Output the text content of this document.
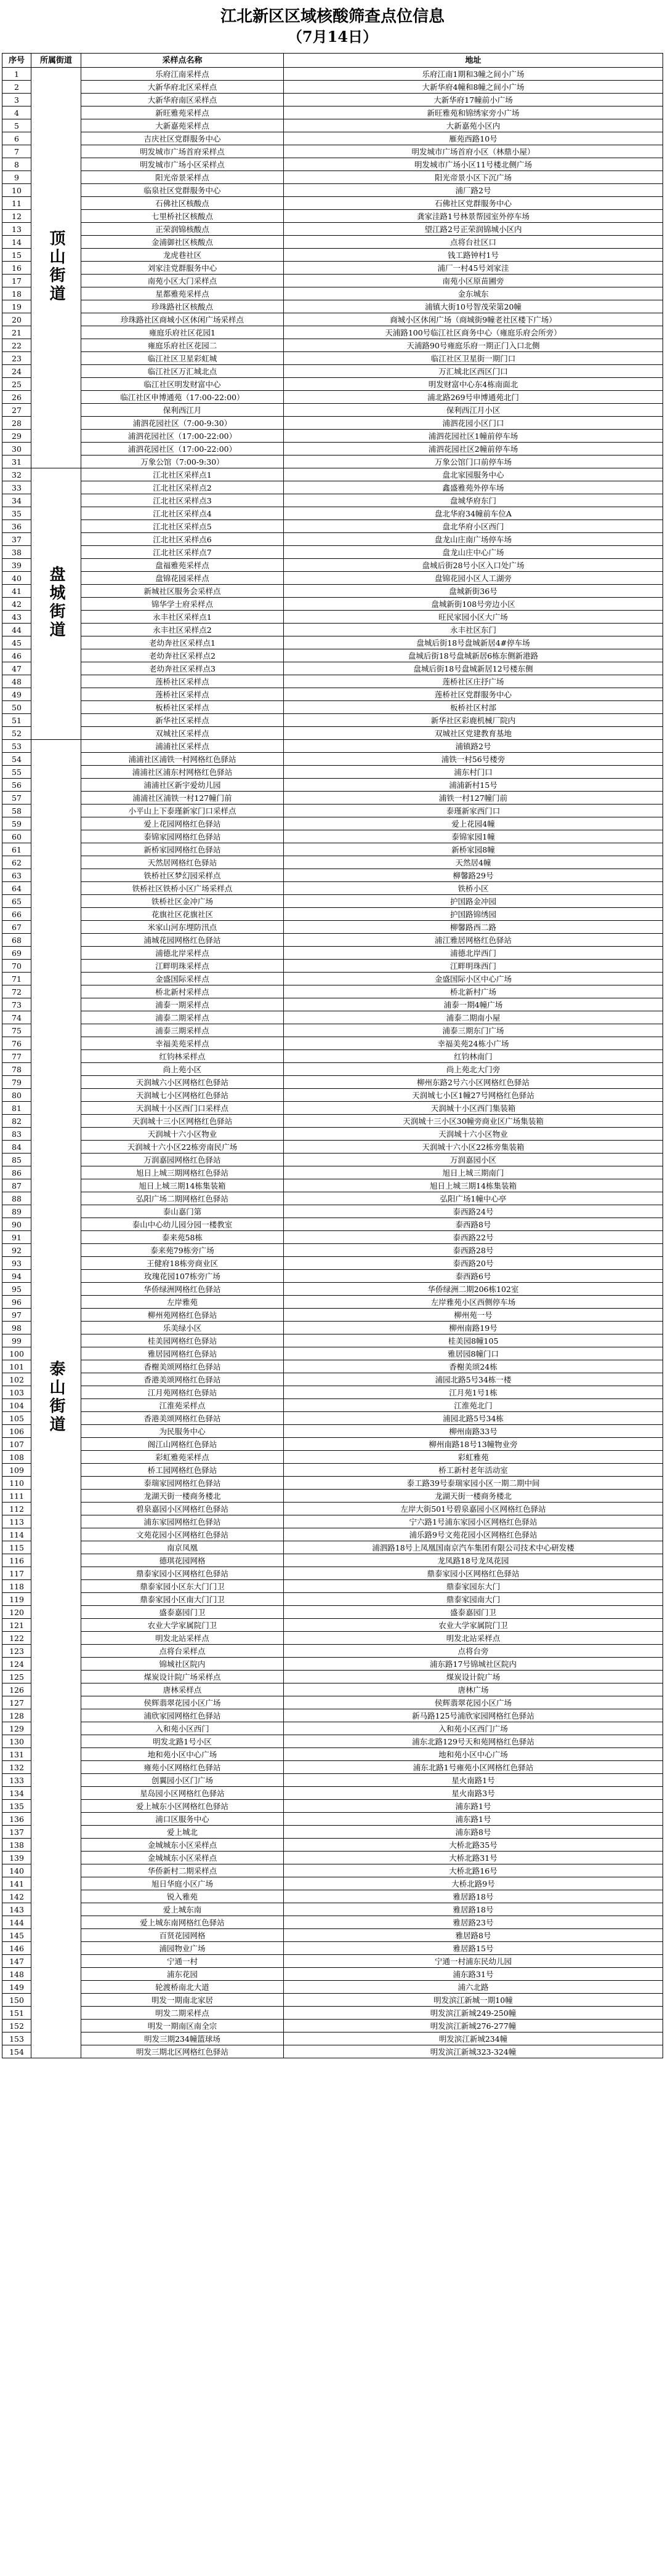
江北新区区域核酸筛查点位信息
（7月14日）
序号	所属街道	采样点名称	地址
1	顶山街道	乐府江南采样点	乐府江南1期和3幢之间小广场
2		大新华府北区采样点	大新华府4幢和8幢之间小广场
3		大新华府南区采样点	大新华府17幢前小广场
4		新旺雅苑采样点	新旺雅苑和锦绣家旁小广场
5		大新嘉苑采样点	大新嘉苑小区内
6		吉庆社区党群服务中心	雁苑西路10号
7		明发城市广场首府采样点	明发城市广场首府小区（林鼎小屋）
8		明发城市广场小区采样点	明发城市广场小区11号楼北侧广场
9		阳光帝景采样点	阳光帝景小区下沉广场
10		临泉社区党群服务中心	浦厂路2号
11		石佛社区核酸点	石佛社区党群服务中心
12		七里桥社区核酸点	龚家洼路1号林景帮园室外停车场
13		正荣润锦核酸点	望江路2号正荣润锦城小区内
14		金浦御社区核酸点	点将台社区口
15		龙虎巷社区	钱工路钟村1号
16		刘家洼党群服务中心	浦厂一村45号刘家洼
17		南苑小区大门采样点	南苑小区原苗圃旁
18		星都雅苑采样点	金东城东
19		珍珠路社区核酸点	浦镇大街10号智茂荣第20幢
20		珍珠路社区商城小区休闲广场采样点	商城小区休闲广场（商城街9幢老社区楼下广场）
21		雍庭乐府社区花园1	天浦路100号临江社区商务中心（雍庭乐府会所旁）
22		雍庭乐府社区花园二	天浦路90号雍庭乐府一期正门入口北侧
23		临江社区卫星彩虹城	临江社区卫星街一期门口
24		临江社区万汇城北点	万汇城北区西区门口
25		临江社区明发财富中心	明发财富中心东4栋南面北
26		临江社区申博通苑（17:00-22:00）	浦北路269号申博通苑北门
27		保利西江月	保利西江月小区
28		浦泗花园社区（7:00-9:30）	浦泗花园小区门口
29		浦泗花园社区（17:00-22:00）	浦泗花园社区1幢前停车场
30		浦泗花园社区（17:00-22:00）	浦泗花园社区2幢前停车场
31		万象公馆（7:00-9:30）	万象公馆门口前停车场
32	盘城街道	江北社区采样点1	盘北家园服务中心
33		江北社区采样点2	鑫盛雅苑外停车场
34		江北社区采样点3	盘城华府东门
35		江北社区采样点4	盘北华府34幢前车位A
36		江北社区采样点5	盘北华府小区西门
37		江北社区采样点6	盘龙山庄南广场停车场
38		江北社区采样点7	盘龙山庄中心广场
39		盘福雅苑采样点	盘城后街28号小区入口处广场
40		盘锦花园采样点	盘锦花园小区人工湖旁
41		新城社区服务会采样点	盘城新街36号
42		锦华学士府采样点	盘城新街108号旁边小区
43		永丰社区采样点1	旺民家园小区大广场
44		永丰社区采样点2	永丰社区东门
45		老幼奔社区采样点1	盘城后街18号盘城新居4#停车场
46		老幼奔社区采样点2	盘城后街18号盘城新居6栋东侧新港路
47		老幼奔社区采样点3	盘城后街18号盘城新居12号楼东侧
48		莲桥社区采样点	莲桥社区庄抒广场
49		莲桥社区采样点	莲桥社区党群服务中心
50		板桥社区采样点	板桥社区村部
51		新华社区采样点	新华社区彩鹿机械厂院内
52		双城社区采样点	双城社区党建教育基地
53	泰山街道	浦浦社区采样点	浦镇路2号
54		浦浦社区浦铁一村网格红色驿站	浦铁一村56号楼旁
55		浦浦社区浦东村网格红色驿站	浦东村门口
56		浦浦社区新宇爱幼儿园	浦浦新村15号
57		浦浦社区浦铁一村127幢门前	浦铁一村127幢门前
58		小平山上下泰瑾新家门口采样点	泰瑾新家西门口
59		爱上花园网格红色驿站	爱上花园4幢
60		泰锦家园网格红色驿站	泰锦家园1幢
61		新桥家园网格红色驿站	新桥家园8幢
62		天然居网格红色驿站	天然居4幢
63		铁桥社区梦幻园采样点	柳馨路29号
64		铁桥社区铁桥小区广场采样点	铁桥小区
65		铁桥社区金冲广场	护国路金冲园
66		花旗社区花旗社区	护国路锦绣园
67		米家山河东埋防汛点	柳馨路西二路
68		浦城花园网格红色驿站	浦江雅居网格红色驿站
69		浦德北岸采样点	浦德北岸西门
70		江畔明珠采样点	江畔明珠西门
71		金盛国际采样点	金盛国际小区中心广场
72		桥北新村采样点	桥北新村广场
73		浦泰一期采样点	浦泰一期4幢广场
74		浦泰二期采样点	浦泰二期南小屋
75		浦泰三期采样点	浦泰三期东门广场
76		幸福美苑采样点	幸福美苑24栋小广场
77		红钧林采样点	红钧林南门
78		尚上苑小区	尚上苑北大门旁
79		天润城六小区网格红色驿站	柳州东路2号六小区网格红色驿站
80		天润城七小区网格红色驿站	天润城七小区1幢27号网格红色驿站
81		天润城十小区西门口采样点	天润城十小区西门集装箱
82		天润城十三小区网格红色驿站	天润城十三小区30幢旁商业区广场集装箱
83		天润城十六小区物业	天润城十六小区物业
84		天润城十六小区22栋旁南民广场	天润城十六小区22栋旁集装箱
85		万润嘉园网格红色驿站	万润嘉园小区
86		旭日上城三期网格红色驿站	旭日上城三期南门
87		旭日上城三期14栋集装箱	旭日上城三期14栋集装箱
88		弘阳广场二期网格红色驿站	弘阳广场1幢中心亭
89		泰山嘉门第	泰西路24号
90		泰山中心幼儿园分园一楼教室	泰西路8号
91		泰来苑58栋	泰西路22号
92		泰来苑79栋旁广场	泰西路28号
93		王健府18栋旁商业区	泰西路20号
94		玫瑰花园107栋旁广场	泰西路6号
95		华侨绿洲网格红色驿站	华侨绿洲二期206栋102室
96		左岸雅苑	左岸雅苑小区西侧停车场
97		柳州苑网格红色驿站	柳州苑一号
98		乐美绿小区	柳州南路19号
99		桂美园网格红色驿站	桂美园8幢105
100		雅居园网格红色驿站	雅居园8幢门口
101		香榭美颂网格红色驿站	香榭美颂24栋
102		香港美颂网格红色驿站	浦园北路5号34栋一楼
103		江月苑网格红色驿站	江月苑1号1栋
104		江淮苑采样点	江淮苑北门
105		香港美颂网格红色驿站	浦园北路5号34栋
106		为民服务中心	柳州南路33号
107		阁江山网格红色驿站	柳州南路18号13幢物业旁
108		彩虹雅苑采样点	彩虹雅苑
109		桥工园网格红色驿站	桥工新村老年活动室
110		泰瑞家园网格红色驿站	泰工路39号泰瑞家园小区一期二期中间
111		龙湖天街一楼商务楼北	龙湖天街一楼商务楼北
112		碧泉嘉园小区网格红色驿站	左岸大街501号碧泉嘉园小区网格红色驿站
113		浦东家园网格红色驿站	宁六路1号浦东家园小区网格红色驿站
114		文苑花园小区网格红色驿站	浦乐路9号文苑花园小区网格红色驿站
115		南京凤凰	浦泗路18号上凤凰国南京汽车集团有限公司技术中心研发楼
116		德琪花园网格	龙凤路18号龙凤花园
117		鼎泰家园小区网格红色驿站	鼎泰家园小区网格红色驿站
118		鼎泰家园小区东大门门卫	鼎泰家园东大门
119		鼎泰家园小区南大门门卫	鼎泰家园南大门
120		盛泰嘉园门卫	盛泰嘉园门卫
121		农业大学家属院门卫	农业大学家属院门卫
122		明发北站采样点	明发北站采样点
123		点将台采样点	点将台旁
124		锦城社区院内	浦东路17号锦城社区院内
125		煤炭设计院广场采样点	煤炭设计院广场
126		唐林采样点	唐林广场
127		侯辉翡翠花园小区广场	侯辉翡翠花园小区广场
128		浦欣家园网格红色驿站	新马路125号浦欣家园网格红色驿站
129		入和苑小区西门	入和苑小区西门广场
130		明发北路1号小区	浦东北路129号天和苑网格红色驿站
131		地和苑小区中心广场	地和苑小区中心广场
132		雍苑小区网格红色驿站	浦东北路1号雍苑小区网格红色驿站
133		创翼园小区门广场	星火南路1号
134		星岛园小区网格红色驿站	星火南路3号
135		爱上城东小区网格红色驿站	浦东路1号
136		浦口区服务中心	浦东路1号
137		爱上城北	浦东路8号
138		金城城东小区采样点	大桥北路35号
139		金城城东小区采样点	大桥北路31号
140		华侨新村二期采样点	大桥北路16号
141		旭日华庭小区广场	大桥北路9号
142		锐入雅苑	雅居路18号
143		爱上城东南	雅居路18号
144		爱上城东南网格红色驿站	雅居路23号
145		百贤花园网格	雅居路8号
146		浦园物业广场	雅居路15号
147		宁通一村	宁通一村浦东民幼儿园
148		浦东花园	浦东路31号
149		轮渡桥南北大道	浦六北路
150		明发一期南北家居	明发滨江新城一期10幢
151		明发二期采样点	明发滨江新城249-250幢
152		明发一期南区南全宗	明发滨江新城276-277幢
153		明发三期234幢篮球场	明发滨江新城234幢
154		明发三期北区网格红色驿站	明发滨江新城323-324幢
